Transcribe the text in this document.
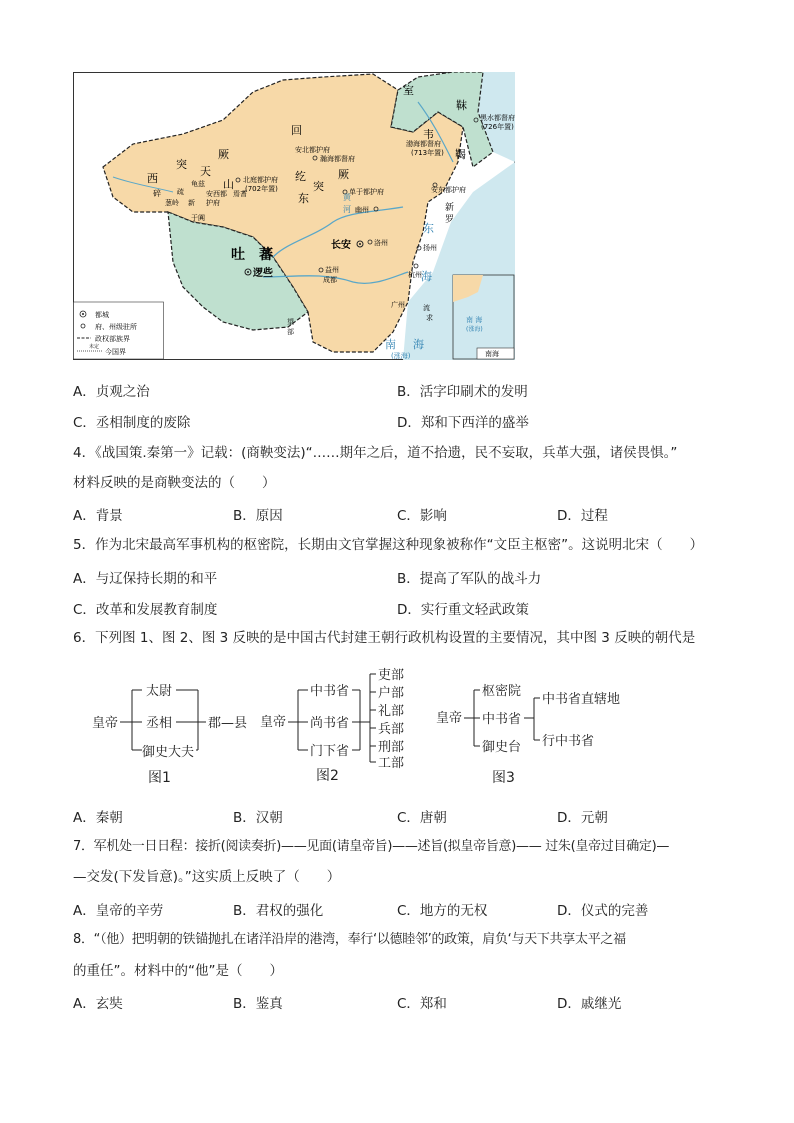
室
韦
靺
鞨
黑水都督府
(726年置)
渤海都督府
(713年置)
回
纥
安北都护府
瀚海都督府
西
突
厥
天
山 北庭都护府
(702年置)
龟兹
安西都
护府
焉耆
碎 疏
葱岭 新
于阗
东
突
厥
单于都护府
幽州
安东都护府
新
罗
吐　蕃
逻些
长安	洛州
扬州
益州
成都
杭州
广州	流
求
东
海
南 海
(涨海)
黄
河
望
部
南 海
(涨海)
南海
都城
府、州级驻所
政权部族界
未定
今国界
A．贞观之治	B．活字印刷术的发明
C．丞相制度的废除	D．郑和下西洋的盛举
4．《战国策.秦第一》记载：(商鞅变法)“……期年之后，道不拾遗，民不妄取，兵革大强，诸侯畏惧。”
材料反映的是商鞅变法的（　　）
A．背景	B．原因	C．影响	D．过程
5．作为北宋最高军事机构的枢密院，长期由文官掌握这种现象被称作“文臣主枢密”。这说明北宋（　　）
A．与辽保持长期的和平	B．提高了军队的战斗力
C．改革和发展教育制度	D．实行重文轻武政策
6．下列图 1、图 2、图 3 反映的是中国古代封建王朝行政机构设置的主要情况，其中图 3 反映的朝代是
皇帝
太尉
丞相
御史大夫
郡—县
图1
皇帝
中书省
尚书省
门下省
吏部
户部
礼部
兵部
刑部
工部
图2
皇帝
枢密院
中书省
御史台
中书省直辖地
行中书省
图3
A．秦朝	B．汉朝	C．唐朝	D．元朝
7．军机处一日日程：接折(阅读奏折)——见面(请皇帝旨)——述旨(拟皇帝旨意)—— 过朱(皇帝过目确定)—
—交发(下发旨意)。”这实质上反映了（　　）
A．皇帝的辛劳	B．君权的强化	C．地方的无权	D．仪式的完善
8．“（他）把明朝的铁锚抛扎在诸洋沿岸的港湾，奉行‘以德睦邻’的政策，肩负‘与天下共享太平之福
的重任”。材料中的“他”是（　　）
A．玄奘	B．鉴真	C．郑和	D．戚继光
